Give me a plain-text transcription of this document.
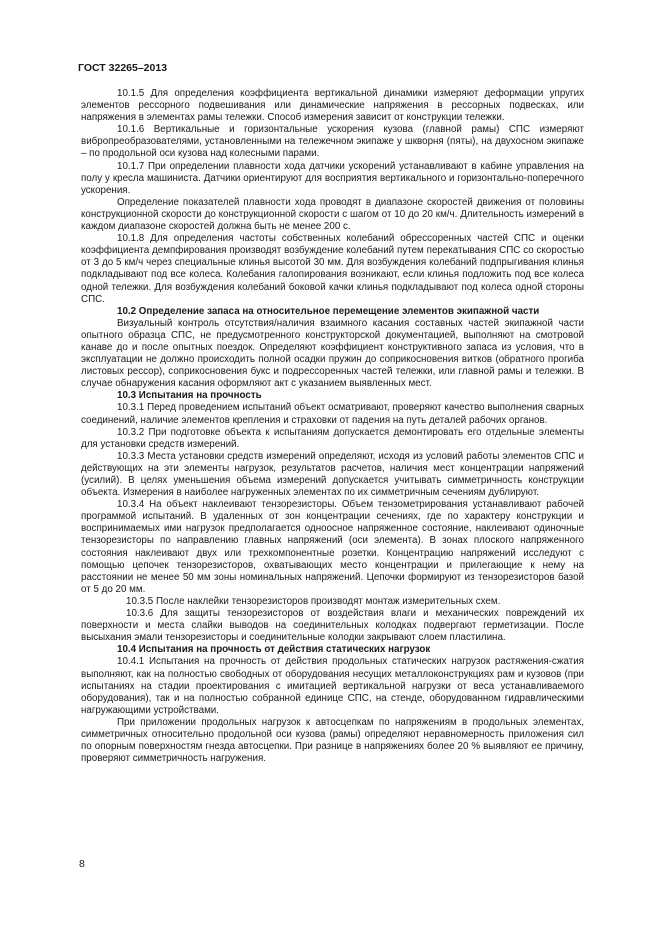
ГОСТ 32265–2013

10.1.5 Для определения коэффициента вертикальной динамики измеряют деформации упругих элементов рессорного подвешивания или динамические напряжения в рессорных подвесках, или напряжения в элементах рамы тележки. Способ измерения зависит от конструкции тележки.

10.1.6 Вертикальные и горизонтальные ускорения кузова (главной рамы) СПС измеряют вибропреобразователями, установленными на тележечном экипаже у шкворня (пяты), на двухосном экипаже – по продольной оси кузова над колесными парами.

10.1.7 При определении плавности хода датчики ускорений устанавливают в кабине управления на полу у кресла машиниста. Датчики ориентируют для восприятия вертикального и горизонтально-поперечного ускорения.

Определение показателей плавности хода проводят в диапазоне скоростей движения от половины конструкционной скорости до конструкционной скорости с шагом от 10 до 20 км/ч. Длительность измерений в каждом диапазоне скоростей должна быть не менее 200 с.

10.1.8 Для определения частоты собственных колебаний обрессоренных частей СПС и оценки коэффициента демпфирования производят возбуждение колебаний путем перекатывания СПС со скоростью от 3 до 5 км/ч через специальные клинья высотой 30 мм. Для возбуждения колебаний подпрыгивания клинья подкладывают под все колеса. Колебания галопирования возникают, если клинья подложить под все колеса одной тележки. Для возбуждения колебаний боковой качки клинья подкладывают под колеса одной стороны СПС.

10.2 Определение запаса на относительное перемещение элементов экипажной части

Визуальный контроль отсутствия/наличия взаимного касания составных частей экипажной части опытного образца СПС, не предусмотренного конструкторской документацией, выполняют на смотровой канаве до и после опытных поездок. Определяют коэффициент конструктивного запаса из условия, что в эксплуатации не должно происходить полной осадки пружин до соприкосновения витков (обратного прогиба листовых рессор), соприкосновения букс и подрессоренных частей тележки, или главной рамы и тележки. В случае обнаружения касания оформляют акт с указанием выявленных мест.

10.3 Испытания на прочность

10.3.1 Перед проведением испытаний объект осматривают, проверяют качество выполнения сварных соединений, наличие элементов крепления и страховки от падения на путь деталей рабочих органов.

10.3.2 При подготовке объекта к испытаниям допускается демонтировать его отдельные элементы для установки средств измерений.

10.3.3 Места установки средств измерений определяют, исходя из условий работы элементов СПС и действующих на эти элементы нагрузок, результатов расчетов, наличия мест концентрации напряжений (усилий). В целях уменьшения объема измерений допускается учитывать симметричность конструкции объекта. Измерения в наиболее нагруженных элементах по их симметричным сечениям дублируют.

10.3.4 На объект наклеивают тензорезисторы. Объем тензометрирования устанавливают рабочей программой испытаний. В удаленных от зон концентрации сечениях, где по характеру конструкции и воспринимаемых ими нагрузок предполагается одноосное напряженное состояние, наклеивают одиночные тензорезисторы по направлению главных напряжений (оси элемента). В зонах плоского напряженного состояния наклеивают двух или трехкомпонентные розетки. Концентрацию напряжений исследуют с помощью цепочек тензорезисторов, охватывающих место концентрации и прилегающие к нему на расстоянии не менее 50 мм зоны номинальных напряжений. Цепочки формируют из тензорезисторов базой от 5 до 20 мм.

10.3.5 После наклейки тензорезисторов производят монтаж измерительных схем.

10.3.6 Для защиты тензорезисторов от воздействия влаги и механических повреждений их поверхности и места слайки выводов на соединительных колодках подвергают герметизации. После высыхания эмали тензорезисторы и соединительные колодки закрывают слоем пластилина.

10.4 Испытания на прочность от действия статических нагрузок

10.4.1 Испытания на прочность от действия продольных статических нагрузок растяжения-сжатия выполняют, как на полностью свободных от оборудования несущих металлоконструкциях рам и кузовов (при испытаниях на стадии проектирования с имитацией вертикальной нагрузки от веса устанавливаемого оборудования), так и на полностью собранной единице СПС, на стенде, оборудованном гидравлическими нагружающими устройствами.

При приложении продольных нагрузок к автосцепкам по напряжениям в продольных элементах, симметричных относительно продольной оси кузова (рамы) определяют неравномерность приложения сил по опорным поверхностям гнезда автосцепки. При разнице в напряжениях более 20 % выявляют ее причину, проверяют симметричность нагружения.

8
